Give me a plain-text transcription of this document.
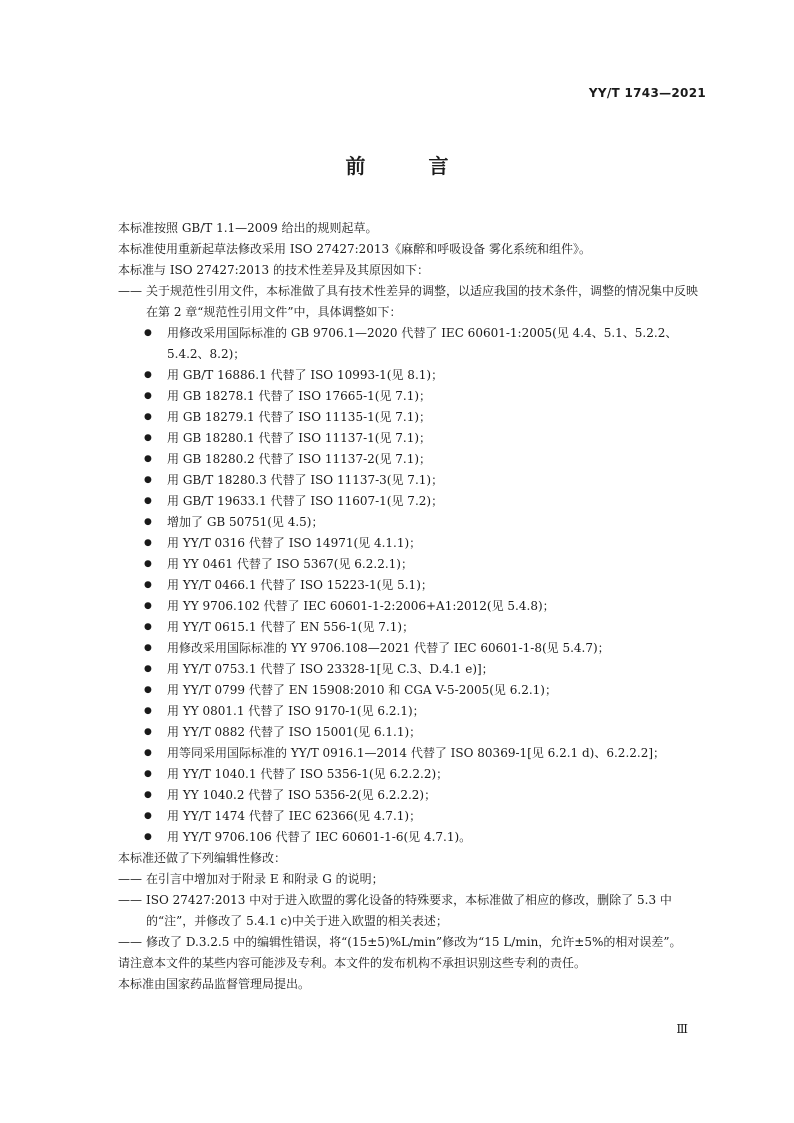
YY/T 1743—2021
前 言
本标准按照 GB/T 1.1—2009 给出的规则起草。
本标准使用重新起草法修改采用 ISO 27427:2013《麻醉和呼吸设备 雾化系统和组件》。
本标准与 ISO 27427:2013 的技术性差异及其原因如下：
—— 关于规范性引用文件，本标准做了具有技术性差异的调整，以适应我国的技术条件，调整的情况集中反映在第 2 章“规范性引用文件”中，具体调整如下：
●	用修改采用国际标准的 GB 9706.1—2020 代替了 IEC 60601-1:2005(见 4.4、5.1、5.2.2、5.4.2、8.2)；
●	用 GB/T 16886.1 代替了 ISO 10993-1(见 8.1)；
●	用 GB 18278.1 代替了 ISO 17665-1(见 7.1)；
●	用 GB 18279.1 代替了 ISO 11135-1(见 7.1)；
●	用 GB 18280.1 代替了 ISO 11137-1(见 7.1)；
●	用 GB 18280.2 代替了 ISO 11137-2(见 7.1)；
●	用 GB/T 18280.3 代替了 ISO 11137-3(见 7.1)；
●	用 GB/T 19633.1 代替了 ISO 11607-1(见 7.2)；
●	增加了 GB 50751(见 4.5)；
●	用 YY/T 0316 代替了 ISO 14971(见 4.1.1)；
●	用 YY 0461 代替了 ISO 5367(见 6.2.2.1)；
●	用 YY/T 0466.1 代替了 ISO 15223-1(见 5.1)；
●	用 YY 9706.102 代替了 IEC 60601-1-2:2006+A1:2012(见 5.4.8)；
●	用 YY/T 0615.1 代替了 EN 556-1(见 7.1)；
●	用修改采用国际标准的 YY 9706.108—2021 代替了 IEC 60601-1-8(见 5.4.7)；
●	用 YY/T 0753.1 代替了 ISO 23328-1[见 C.3、D.4.1 e)]；
●	用 YY/T 0799 代替了 EN 15908:2010 和 CGA V-5-2005(见 6.2.1)；
●	用 YY 0801.1 代替了 ISO 9170-1(见 6.2.1)；
●	用 YY/T 0882 代替了 ISO 15001(见 6.1.1)；
●	用等同采用国际标准的 YY/T 0916.1—2014 代替了 ISO 80369-1[见 6.2.1 d)、6.2.2.2]；
●	用 YY/T 1040.1 代替了 ISO 5356-1(见 6.2.2.2)；
●	用 YY 1040.2 代替了 ISO 5356-2(见 6.2.2.2)；
●	用 YY/T 1474 代替了 IEC 62366(见 4.7.1)；
●	用 YY/T 9706.106 代替了 IEC 60601-1-6(见 4.7.1)。
本标准还做了下列编辑性修改：
—— 在引言中增加对于附录 E 和附录 G 的说明；
—— ISO 27427:2013 中对于进入欧盟的雾化设备的特殊要求，本标准做了相应的修改，删除了 5.3 中的“注”，并修改了 5.4.1 c)中关于进入欧盟的相关表述；
—— 修改了 D.3.2.5 中的编辑性错误，将“(15±5)%L/min”修改为“15 L/min，允许±5%的相对误差”。
请注意本文件的某些内容可能涉及专利。本文件的发布机构不承担识别这些专利的责任。
本标准由国家药品监督管理局提出。
Ⅲ
